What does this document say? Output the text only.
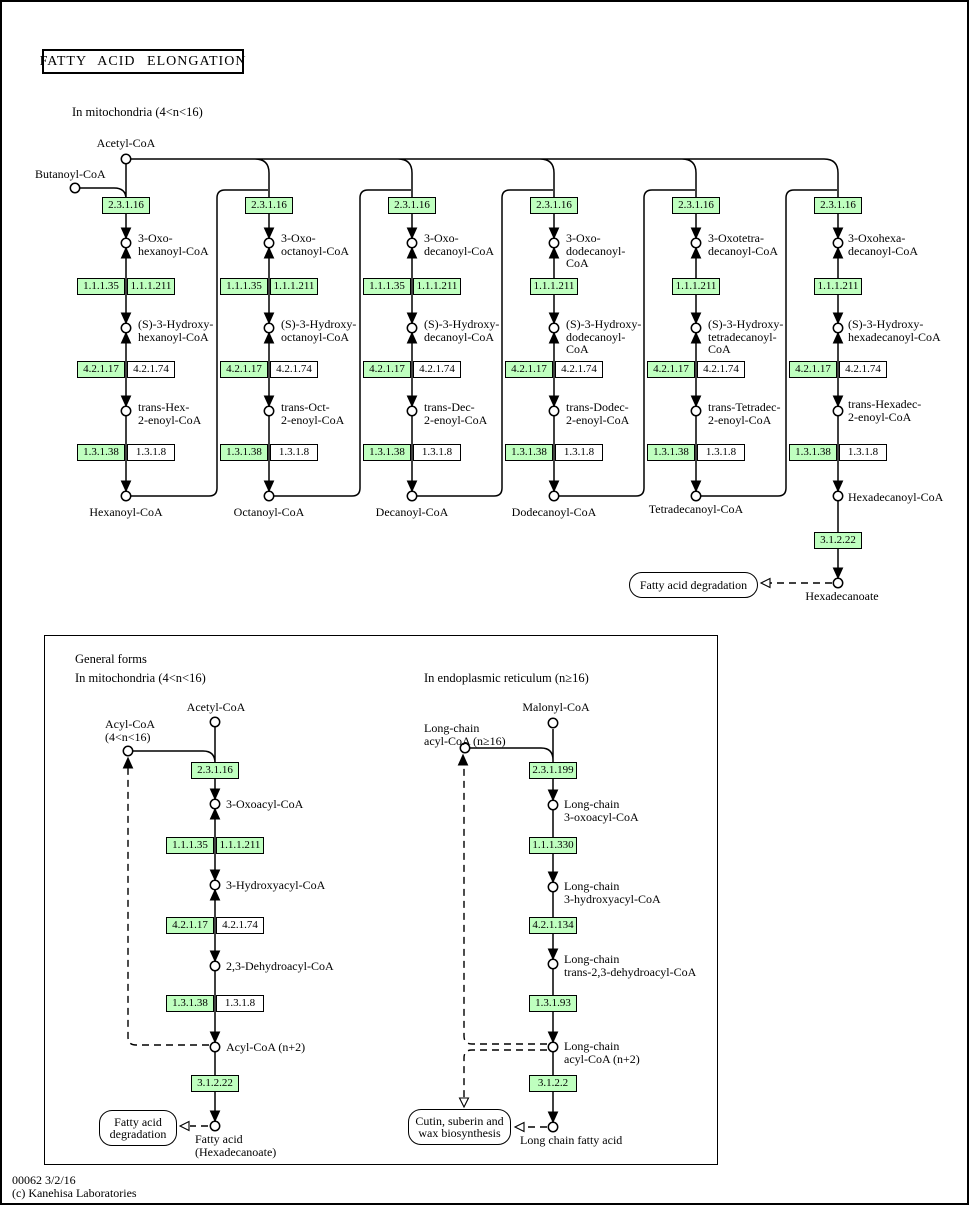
FATTY ACID ELONGATION
2.3.1.16
1.1.1.35	1.1.1.211
4.2.1.17	4.2.1.74
1.3.1.38	1.3.1.8
2.3.1.16
1.1.1.35	1.1.1.211
4.2.1.17	4.2.1.74
1.3.1.38	1.3.1.8
2.3.1.16
1.1.1.35	1.1.1.211
4.2.1.17	4.2.1.74
1.3.1.38	1.3.1.8
2.3.1.16
1.1.1.211
4.2.1.17	4.2.1.74
1.3.1.38	1.3.1.8
2.3.1.16
1.1.1.211
4.2.1.17	4.2.1.74
1.3.1.38	1.3.1.8
2.3.1.16
1.1.1.211
4.2.1.17	4.2.1.74
1.3.1.38	1.3.1.8
3.1.2.22
2.3.1.16
1.1.1.35	1.1.1.211
4.2.1.17	4.2.1.74
1.3.1.38	1.3.1.8
3.1.2.22
2.3.1.199
1.1.1.330
4.2.1.134
1.3.1.93
3.1.2.2
Acetyl-CoA
Butanoyl-CoA
3-Oxo-
hexanoyl-CoA
(S)-3-Hydroxy-
hexanoyl-CoA
trans-Hex-
2-enoyl-CoA
Hexanoyl-CoA
3-Oxo-
octanoyl-CoA
(S)-3-Hydroxy-
octanoyl-CoA
trans-Oct-
2-enoyl-CoA
Octanoyl-CoA
3-Oxo-
decanoyl-CoA
(S)-3-Hydroxy-
decanoyl-CoA
trans-Dec-
2-enoyl-CoA
Decanoyl-CoA
3-Oxo-
dodecanoyl-
CoA
(S)-3-Hydroxy-
dodecanoyl-
CoA
trans-Dodec-
2-enoyl-CoA
Dodecanoyl-CoA
3-Oxotetra-
decanoyl-CoA
(S)-3-Hydroxy-
tetradecanoyl-
CoA
trans-Tetradec-
2-enoyl-CoA
Tetradecanoyl-CoA
3-Oxohexa-
decanoyl-CoA
(S)-3-Hydroxy-
hexadecanoyl-CoA
trans-Hexadec-
2-enoyl-CoA
Hexadecanoyl-CoA
Hexadecanoate
Acetyl-CoA
Acyl-CoA
(4<n<16)
3-Oxoacyl-CoA
3-Hydroxyacyl-CoA
2,3-Dehydroacyl-CoA
Acyl-CoA (n+2)
Fatty acid
(Hexadecanoate)
Malonyl-CoA
Long-chain
acyl-CoA (n≥16)
Long-chain
3-oxoacyl-CoA
Long-chain
3-hydroxyacyl-CoA
Long-chain
trans-2,3-dehydroacyl-CoA
Long-chain
acyl-CoA (n+2)
Long chain fatty acid
Fatty acid degradation
Fatty acid
degradation
Cutin, suberin and
wax biosynthesis
In mitochondria (4<n<16)
General forms
In mitochondria (4<n<16)	In endoplasmic reticulum (n≥16)
00062 3/2/16
(c) Kanehisa Laboratories
